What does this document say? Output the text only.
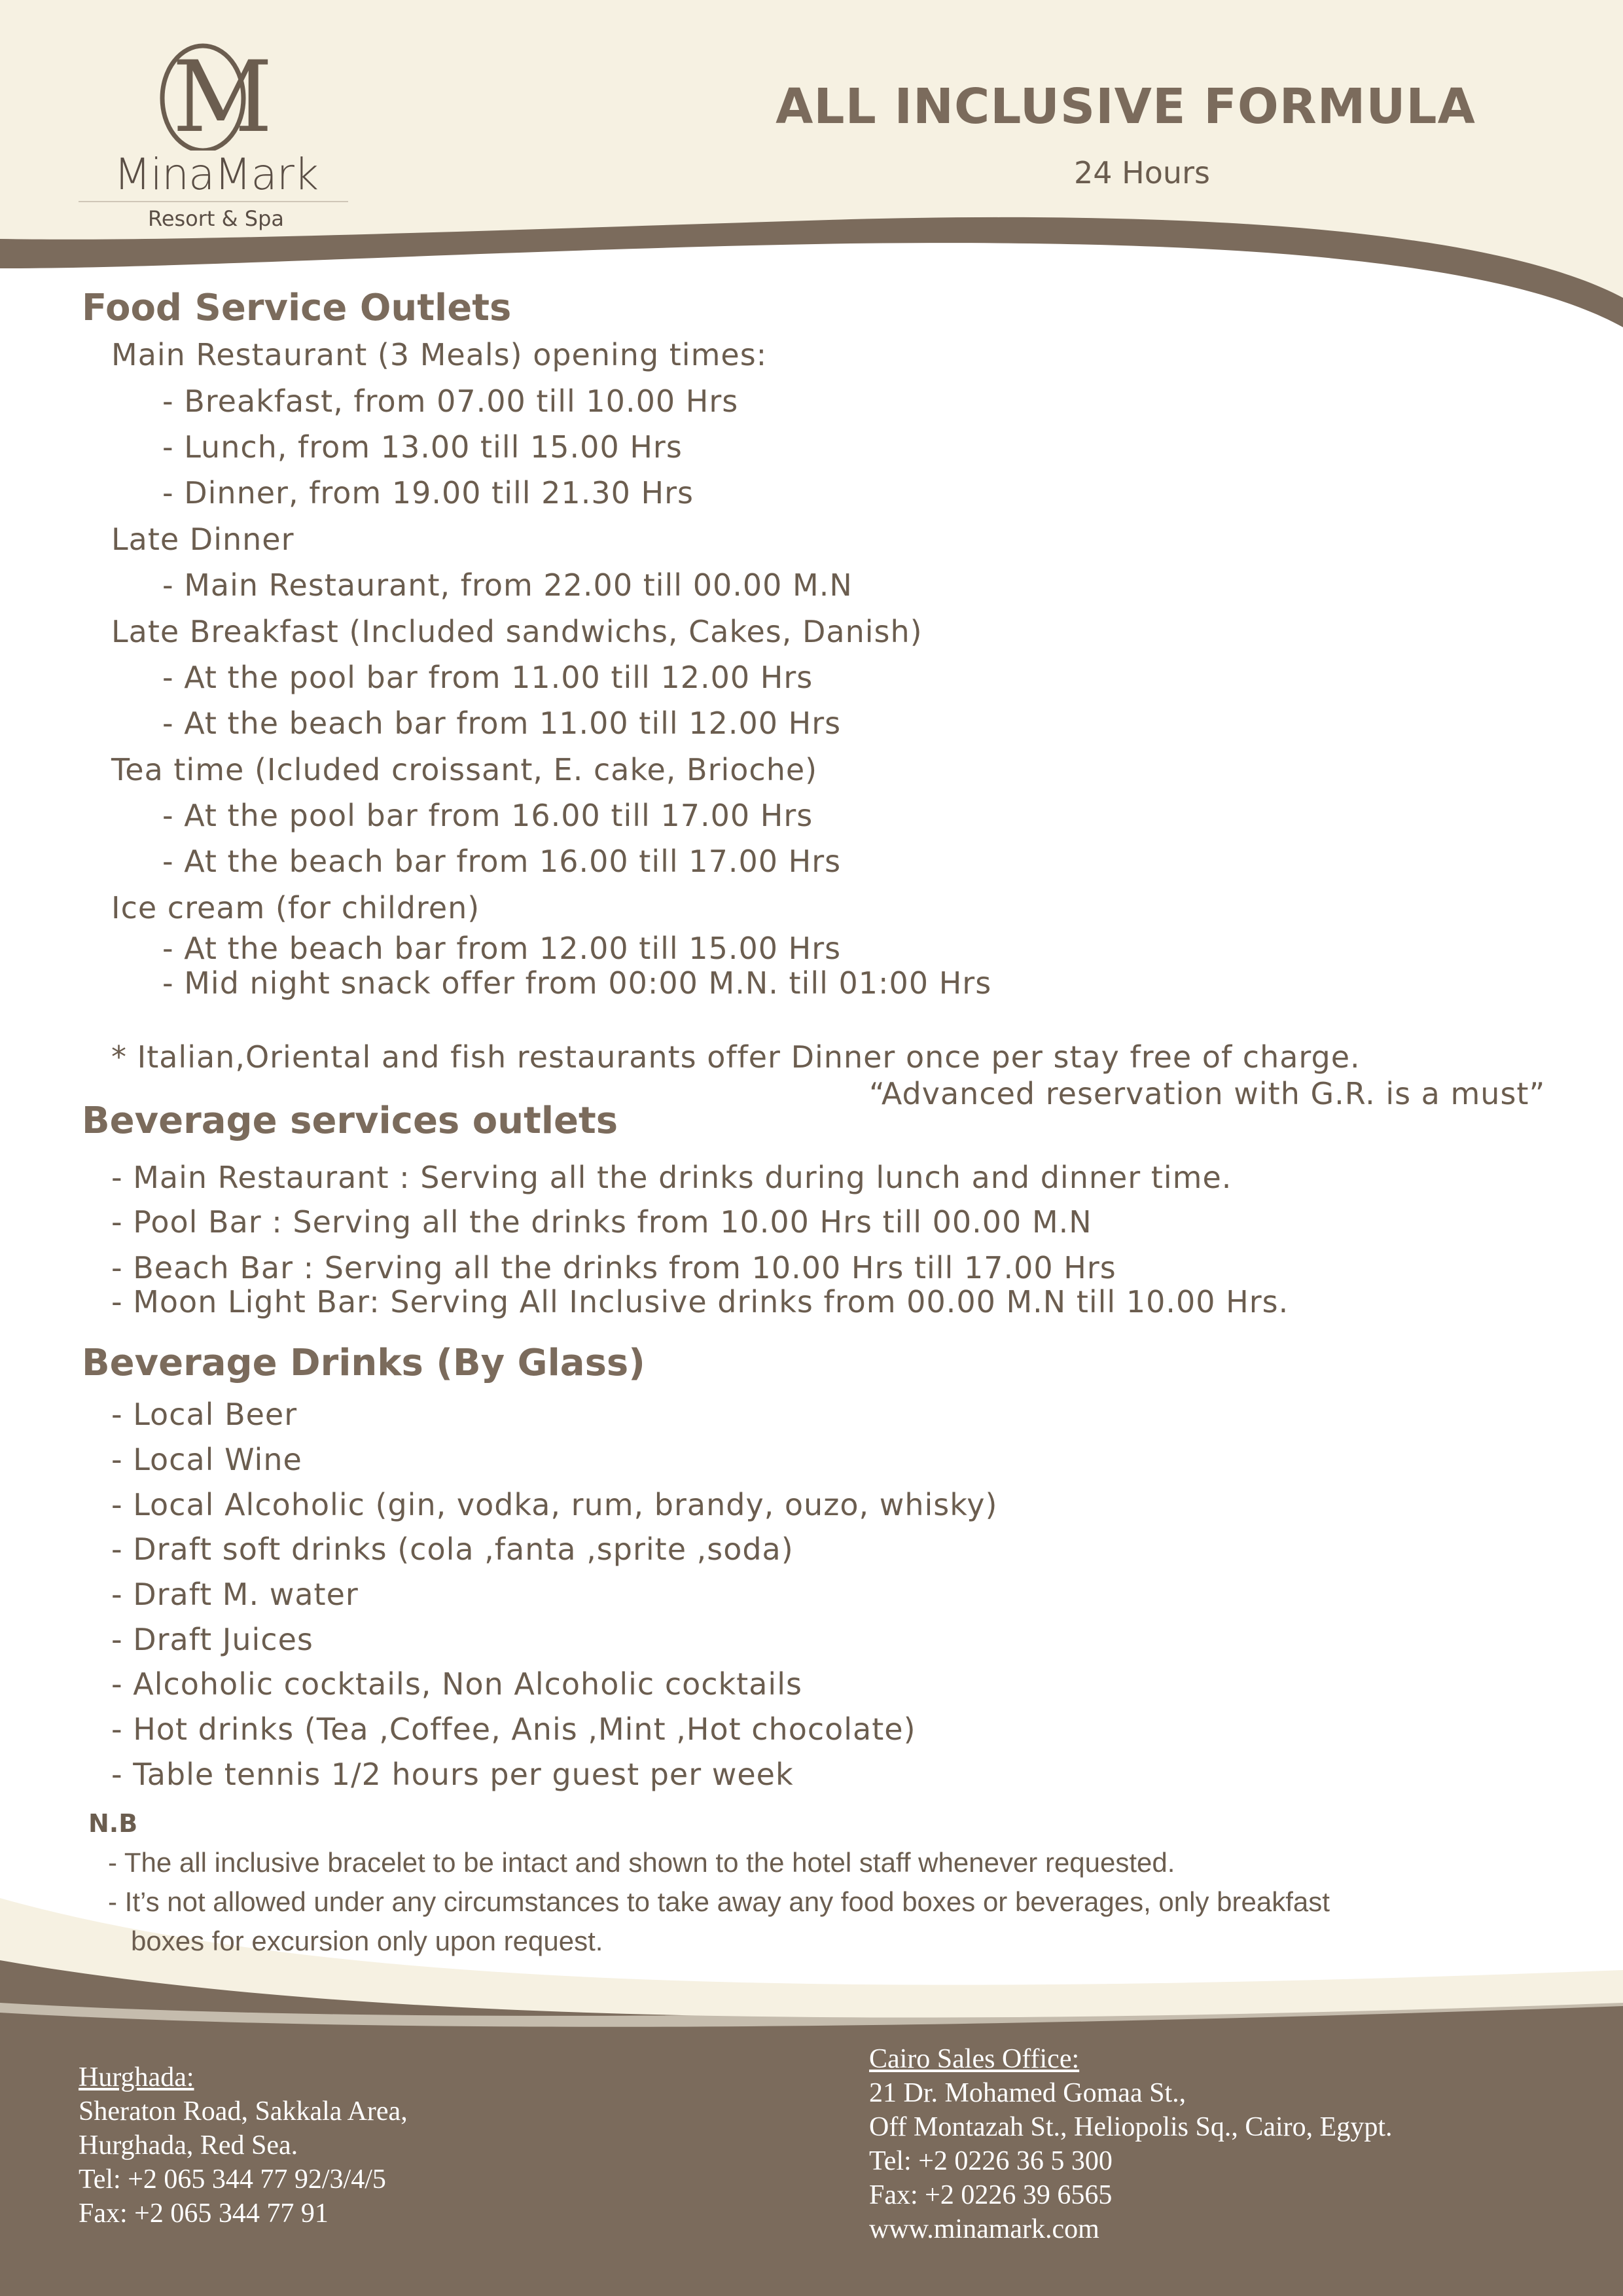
M
MinaMark
Resort & Spa
ALL INCLUSIVE FORMULA
24 Hours
Food Service Outlets
Main Restaurant (3 Meals) opening times:
- Breakfast, from 07.00 till 10.00 Hrs
- Lunch, from 13.00 till 15.00 Hrs
- Dinner, from 19.00 till 21.30 Hrs
Late Dinner
- Main Restaurant, from 22.00 till 00.00 M.N
Late Breakfast (Included sandwichs, Cakes, Danish)
- At the pool bar from 11.00 till 12.00 Hrs
- At the beach bar from 11.00 till 12.00 Hrs
Tea time (Icluded croissant, E. cake, Brioche)
- At the pool bar from 16.00 till 17.00 Hrs
- At the beach bar from 16.00 till 17.00 Hrs
Ice cream (for children)
- At the beach bar from 12.00 till 15.00 Hrs
- Mid night snack offer from 00:00 M.N. till 01:00 Hrs
* Italian,Oriental and fish restaurants offer Dinner once per stay free of charge.
“Advanced reservation with G.R. is a must”
Beverage services outlets
- Main Restaurant : Serving all the drinks during lunch and dinner time.
- Pool Bar : Serving all the drinks from 10.00 Hrs till 00.00 M.N
- Beach Bar : Serving all the drinks from 10.00 Hrs till 17.00 Hrs
- Moon Light Bar: Serving All Inclusive drinks from 00.00 M.N till 10.00 Hrs.
Beverage Drinks (By Glass)
- Local Beer
- Local Wine
- Local Alcoholic (gin, vodka, rum, brandy, ouzo, whisky)
- Draft soft drinks (cola ,fanta ,sprite ,soda)
- Draft M. water
- Draft Juices
- Alcoholic cocktails, Non Alcoholic cocktails
- Hot drinks (Tea ,Coffee, Anis ,Mint ,Hot chocolate)
- Table tennis 1/2 hours per guest per week
N.B
- The all inclusive bracelet to be intact and shown to the hotel staff whenever requested.
- It’s not allowed under any circumstances to take away any food boxes or beverages, only breakfast
boxes for excursion only upon request.
Hurghada:
Sheraton Road, Sakkala Area,
Hurghada, Red Sea.
Tel: +2 065 344 77 92/3/4/5
Fax: +2 065 344 77 91
Cairo Sales Office:
21 Dr. Mohamed Gomaa St.,
Off Montazah St., Heliopolis Sq., Cairo, Egypt.
Tel: +2 0226 36 5 300
Fax: +2 0226 39 6565
www.minamark.com
